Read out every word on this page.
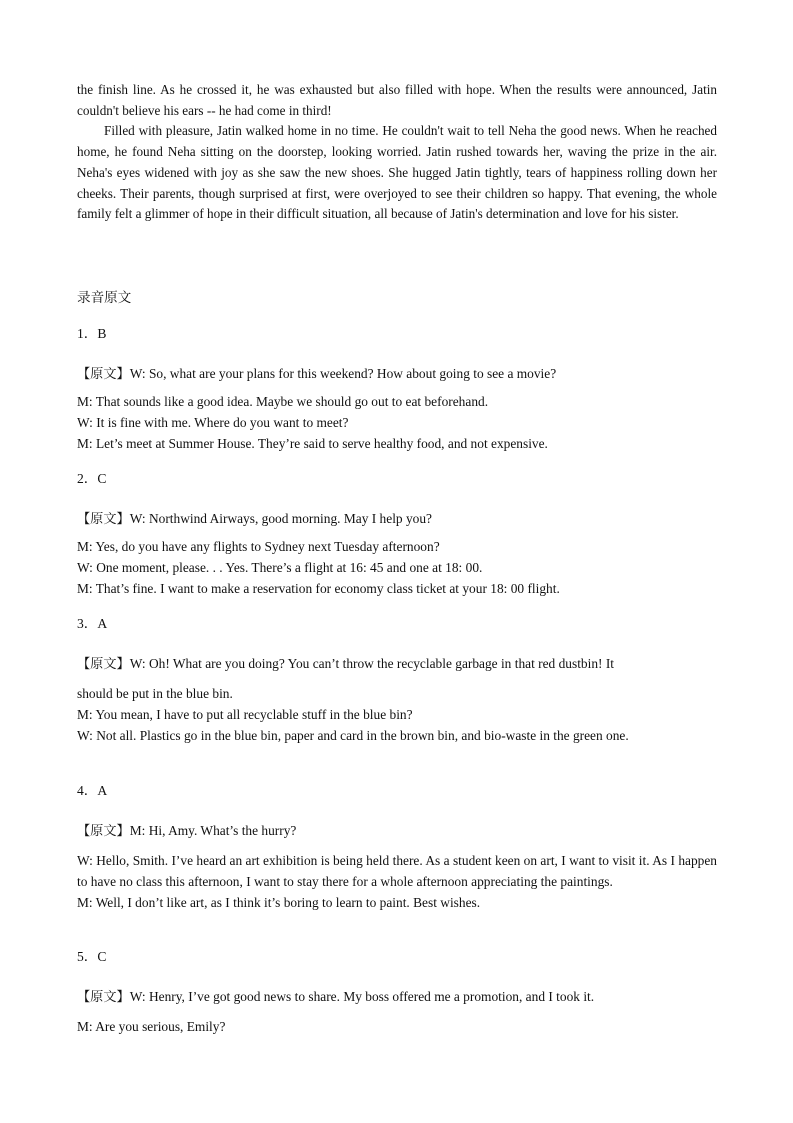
the finish line. As he crossed it, he was exhausted but also filled with hope. When the results were announced, Jatin couldn't believe his ears -- he had come in third!

Filled with pleasure, Jatin walked home in no time. He couldn't wait to tell Neha the good news. When he reached home, he found Neha sitting on the doorstep, looking worried. Jatin rushed towards her, waving the prize in the air. Neha's eyes widened with joy as she saw the new shoes. She hugged Jatin tightly, tears of happiness rolling down her cheeks. Their parents, though surprised at first, were overjoyed to see their children so happy. That evening, the whole family felt a glimmer of hope in their difficult situation, all because of Jatin's determination and love for his sister.

录音原文
1．B
【原文】W: So, what are your plans for this weekend? How about going to see a movie?
M: That sounds like a good idea. Maybe we should go out to eat beforehand.
W: It is fine with me. Where do you want to meet?
M: Let’s meet at Summer House. They’re said to serve healthy food, and not expensive.
2．C
【原文】W: Northwind Airways, good morning. May I help you?
M: Yes, do you have any flights to Sydney next Tuesday afternoon?
W: One moment, please. . . Yes. There’s a flight at 16: 45 and one at 18: 00.
M: That’s fine. I want to make a reservation for economy class ticket at your 18: 00 flight.
3．A
【原文】W: Oh! What are you doing? You can’t throw the recyclable garbage in that red dustbin! It
should be put in the blue bin.
M: You mean, I have to put all recyclable stuff in the blue bin?
W: Not all. Plastics go in the blue bin, paper and card in the brown bin, and bio-waste in the green one.
4．A
【原文】M: Hi, Amy. What’s the hurry?
W: Hello, Smith. I’ve heard an art exhibition is being held there. As a student keen on art, I want to visit it. As I happen to have no class this afternoon, I want to stay there for a whole afternoon appreciating the paintings.
M: Well, I don’t like art, as I think it’s boring to learn to paint. Best wishes.
5．C
【原文】W: Henry, I’ve got good news to share. My boss offered me a promotion, and I took it.
M: Are you serious, Emily?
